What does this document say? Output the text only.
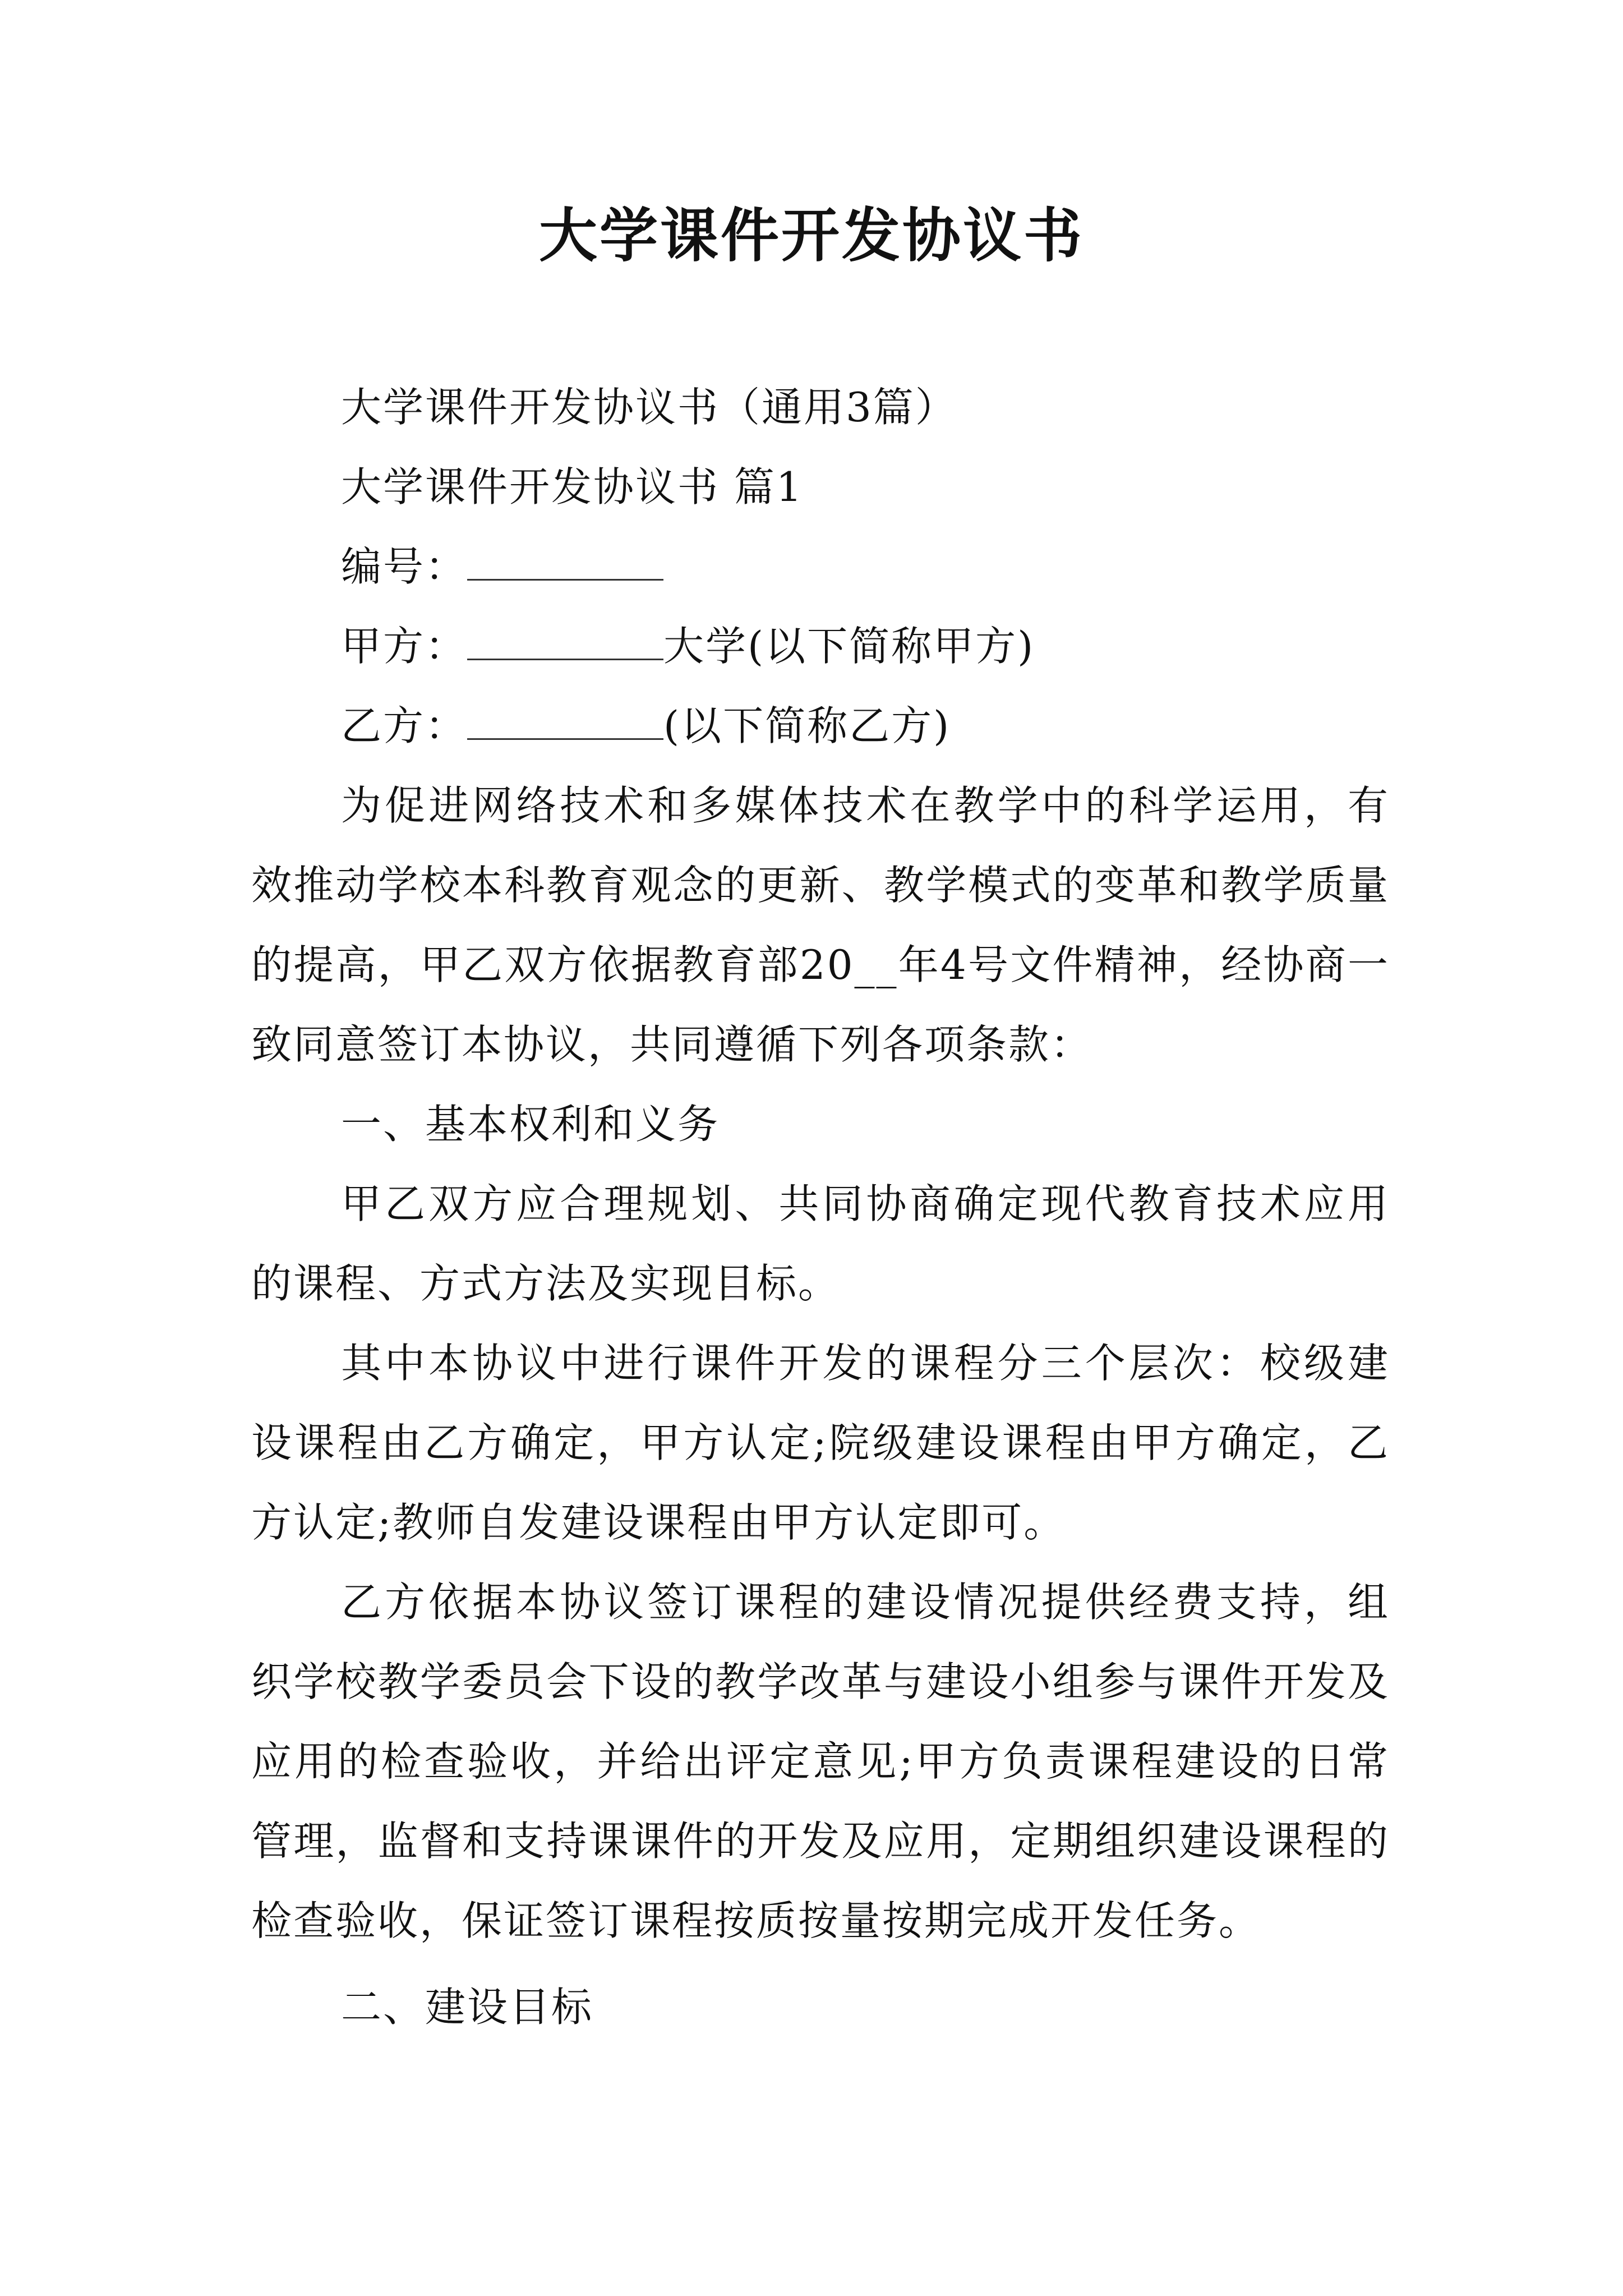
大学课件开发协议书

大学课件开发协议书（通用3篇）

大学课件开发协议书 篇1

编号：

甲方：	大学(以下简称甲方)

乙方：	(以下简称乙方)

为促进网络技术和多媒体技术在教学中的科学运用，有效推动学校本科教育观念的更新、教学模式的变革和教学质量的提高，甲乙双方依据教育部20__年4号文件精神，经协商一致同意签订本协议，共同遵循下列各项条款：

一、基本权利和义务

甲乙双方应合理规划、共同协商确定现代教育技术应用的课程、方式方法及实现目标。

其中本协议中进行课件开发的课程分三个层次：校级建设课程由乙方确定，甲方认定;院级建设课程由甲方确定，乙方认定;教师自发建设课程由甲方认定即可。

乙方依据本协议签订课程的建设情况提供经费支持，组织学校教学委员会下设的教学改革与建设小组参与课件开发及应用的检查验收，并给出评定意见;甲方负责课程建设的日常管理，监督和支持课课件的开发及应用，定期组织建设课程的检查验收，保证签订课程按质按量按期完成开发任务。

二、建设目标
